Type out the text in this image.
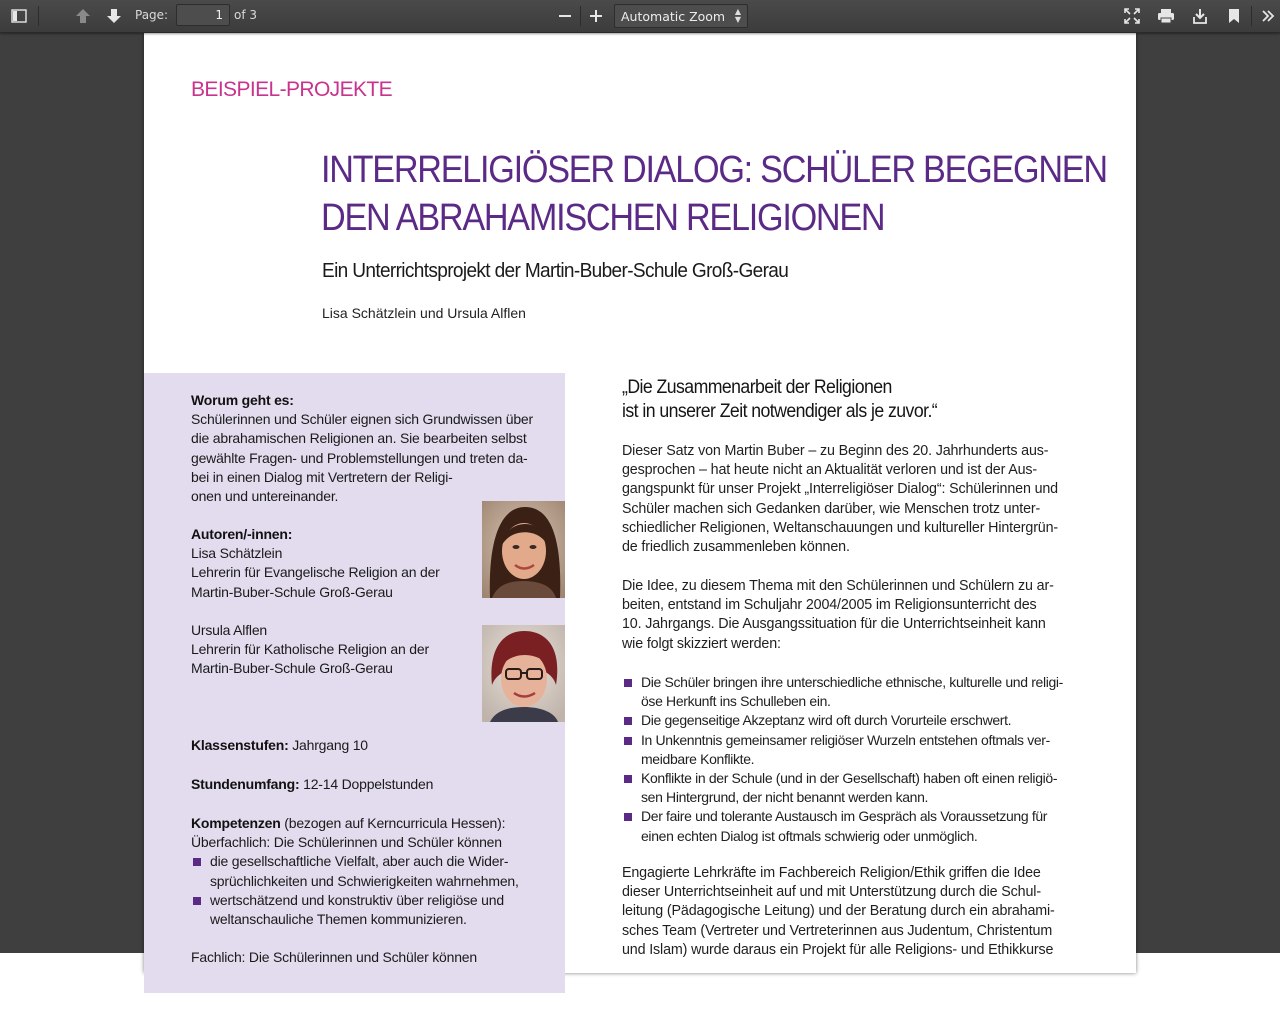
Page:
1	of 3	Automatic Zoom ▲
▼
BEISPIEL-PROJEKTE
INTERRELIGIÖSER DIALOG: SCHÜLER BEGEGNEN
DEN ABRAHAMISCHEN RELIGIONEN
Ein Unterrichtsprojekt der Martin-Buber-Schule Groß-Gerau
Lisa Schätzlein und Ursula Alflen
Worum geht es:
Schülerinnen und Schüler eignen sich Grundwissen über
die abrahamischen Religionen an. Sie bearbeiten selbst
gewählte Fragen- und Problemstellungen und treten da-
bei in einen Dialog mit Vertretern der Religi-
onen und untereinander.
Autoren/-innen:
Lisa Schätzlein
Lehrerin für Evangelische Religion an der
Martin-Buber-Schule Groß-Gerau
Ursula Alflen
Lehrerin für Katholische Religion an der
Martin-Buber-Schule Groß-Gerau
Klassenstufen: Jahrgang 10
Stundenumfang: 12-14 Doppelstunden
Kompetenzen (bezogen auf Kerncurricula Hessen):
Überfachlich: Die Schülerinnen und Schüler können
die gesellschaftliche Vielfalt, aber auch die Wider-
sprüchlichkeiten und Schwierigkeiten wahrnehmen,
wertschätzend und konstruktiv über religiöse und
weltanschauliche Themen kommunizieren.
Fachlich: Die Schülerinnen und Schüler können
„Die Zusammenarbeit der Religionen
ist in unserer Zeit notwendiger als je zuvor.“
Dieser Satz von Martin Buber – zu Beginn des 20. Jahrhunderts aus-
gesprochen – hat heute nicht an Aktualität verloren und ist der Aus-
gangspunkt für unser Projekt „Interreligiöser Dialog“: Schülerinnen und
Schüler machen sich Gedanken darüber, wie Menschen trotz unter-
schiedlicher Religionen, Weltanschauungen und kultureller Hintergrün-
de friedlich zusammenleben können.
Die Idee, zu diesem Thema mit den Schülerinnen und Schülern zu ar-
beiten, entstand im Schuljahr 2004/2005 im Religionsunterricht des
10. Jahrgangs. Die Ausgangssituation für die Unterrichtseinheit kann
wie folgt skizziert werden:
Die Schüler bringen ihre unterschiedliche ethnische, kulturelle und religi-
öse Herkunft ins Schulleben ein.
Die gegenseitige Akzeptanz wird oft durch Vorurteile erschwert.
In Unkenntnis gemeinsamer religiöser Wurzeln entstehen oftmals ver-
meidbare Konflikte.
Konflikte in der Schule (und in der Gesellschaft) haben oft einen religiö-
sen Hintergrund, der nicht benannt werden kann.
Der faire und tolerante Austausch im Gespräch als Voraussetzung für
einen echten Dialog ist oftmals schwierig oder unmöglich.
Engagierte Lehrkräfte im Fachbereich Religion/Ethik griffen die Idee
dieser Unterrichtseinheit auf und mit Unterstützung durch die Schul-
leitung (Pädagogische Leitung) und der Beratung durch ein abrahami-
sches Team (Vertreter und Vertreterinnen aus Judentum, Christentum
und Islam) wurde daraus ein Projekt für alle Religions- und Ethikkurse
